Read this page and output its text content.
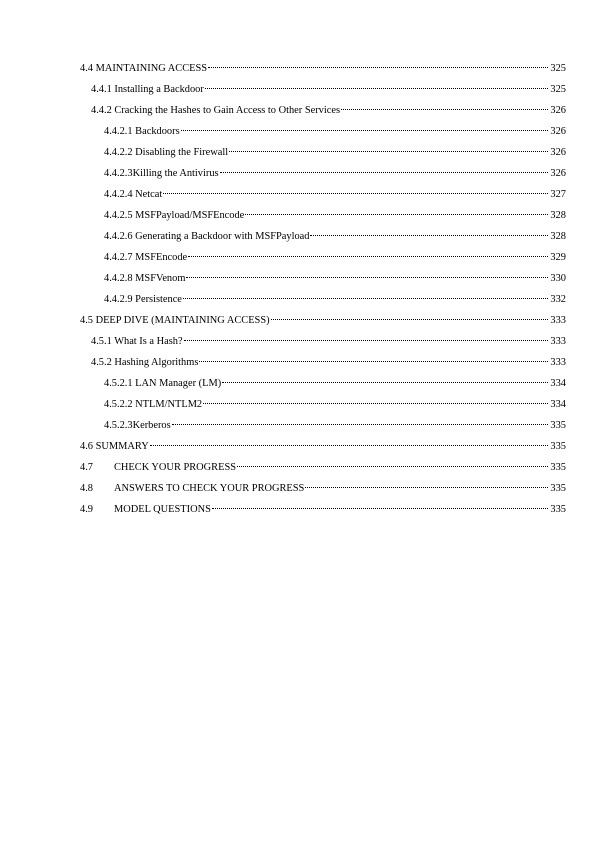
4.4 MAINTAINING ACCESS	325
4.4.1 Installing a Backdoor	325
4.4.2 Cracking the Hashes to Gain Access to Other Services	326
4.4.2.1 Backdoors	326
4.4.2.2 Disabling the Firewall	326
4.4.2.3Killing the Antivirus	326
4.4.2.4 Netcat	327
4.4.2.5 MSFPayload/MSFEncode	328
4.4.2.6 Generating a Backdoor with MSFPayload	328
4.4.2.7 MSFEncode	329
4.4.2.8 MSFVenom	330
4.4.2.9 Persistence	332
4.5 DEEP DIVE (MAINTAINING ACCESS)	333
4.5.1 What Is a Hash?	333
4.5.2 Hashing Algorithms	333
4.5.2.1 LAN Manager (LM)	334
4.5.2.2 NTLM/NTLM2	334
4.5.2.3Kerberos	335
4.6 SUMMARY	335
4.7	CHECK YOUR PROGRESS	335
4.8	ANSWERS TO CHECK YOUR PROGRESS	335
4.9	MODEL QUESTIONS	335
